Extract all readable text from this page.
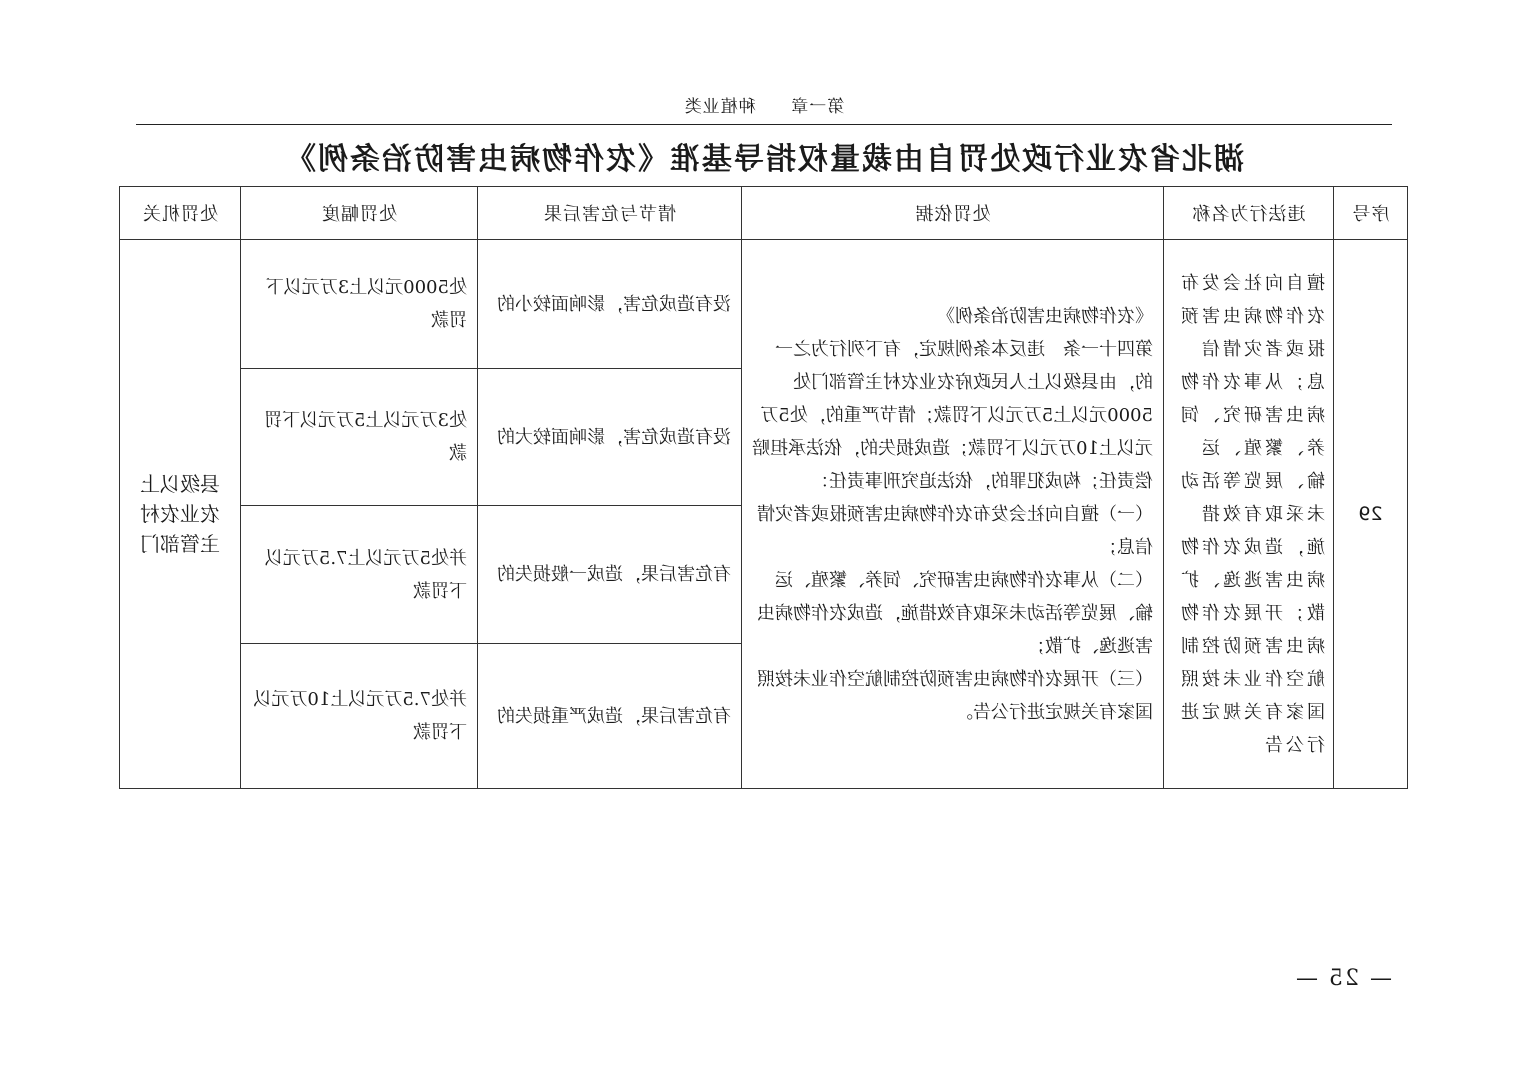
第一章 种植业类
湖北省农业行政处罚自由裁量权指导基准《农作物病虫害防治条例》
序号	违法行为名称	处罚依据	情节与危害后果	处罚幅度	处罚机关

29	擅自向社会发布农作物病虫害预报或者灾情信息；从事农作物病虫害研究、饲养、繁殖、运输、展览等活动未采取有效措施，造成农作物病虫害逃逸、扩散；开展农作物病虫害预防控制航空作业未按照国家有关规定进行公告	《农作物病虫害防治条例》

第四十一条　违反本条例规定，有下列行为之一的，由县级以上人民政府农业农村主管部门处5000元以上5万元以下罚款；情节严重的，处5万元以上10万元以下罚款；造成损失的，依法承担赔偿责任；构成犯罪的，依法追究刑事责任：

（一）擅自向社会发布农作物病虫害预报或者灾情信息；

（二）从事农作物病虫害研究、饲养、繁殖、运输、展览等活动未采取有效措施，造成农作物病虫害逃逸、扩散；

（三）开展农作物病虫害预防控制航空作业未按照国家有关规定进行公告。	没有造成危害，影响面较小的	处5000元以上3万元以下罚款	县级以上农业农村主管部门

			没有造成危害，影响面较大的	处3万元以上5万元以下罚款	

			有危害后果，造成一般损失的	并处5万元以上7.5万元以下罚款	

			有危害后果，造成严重损失的	并处7.5万元以上10万元以下罚款	
— 25 —
